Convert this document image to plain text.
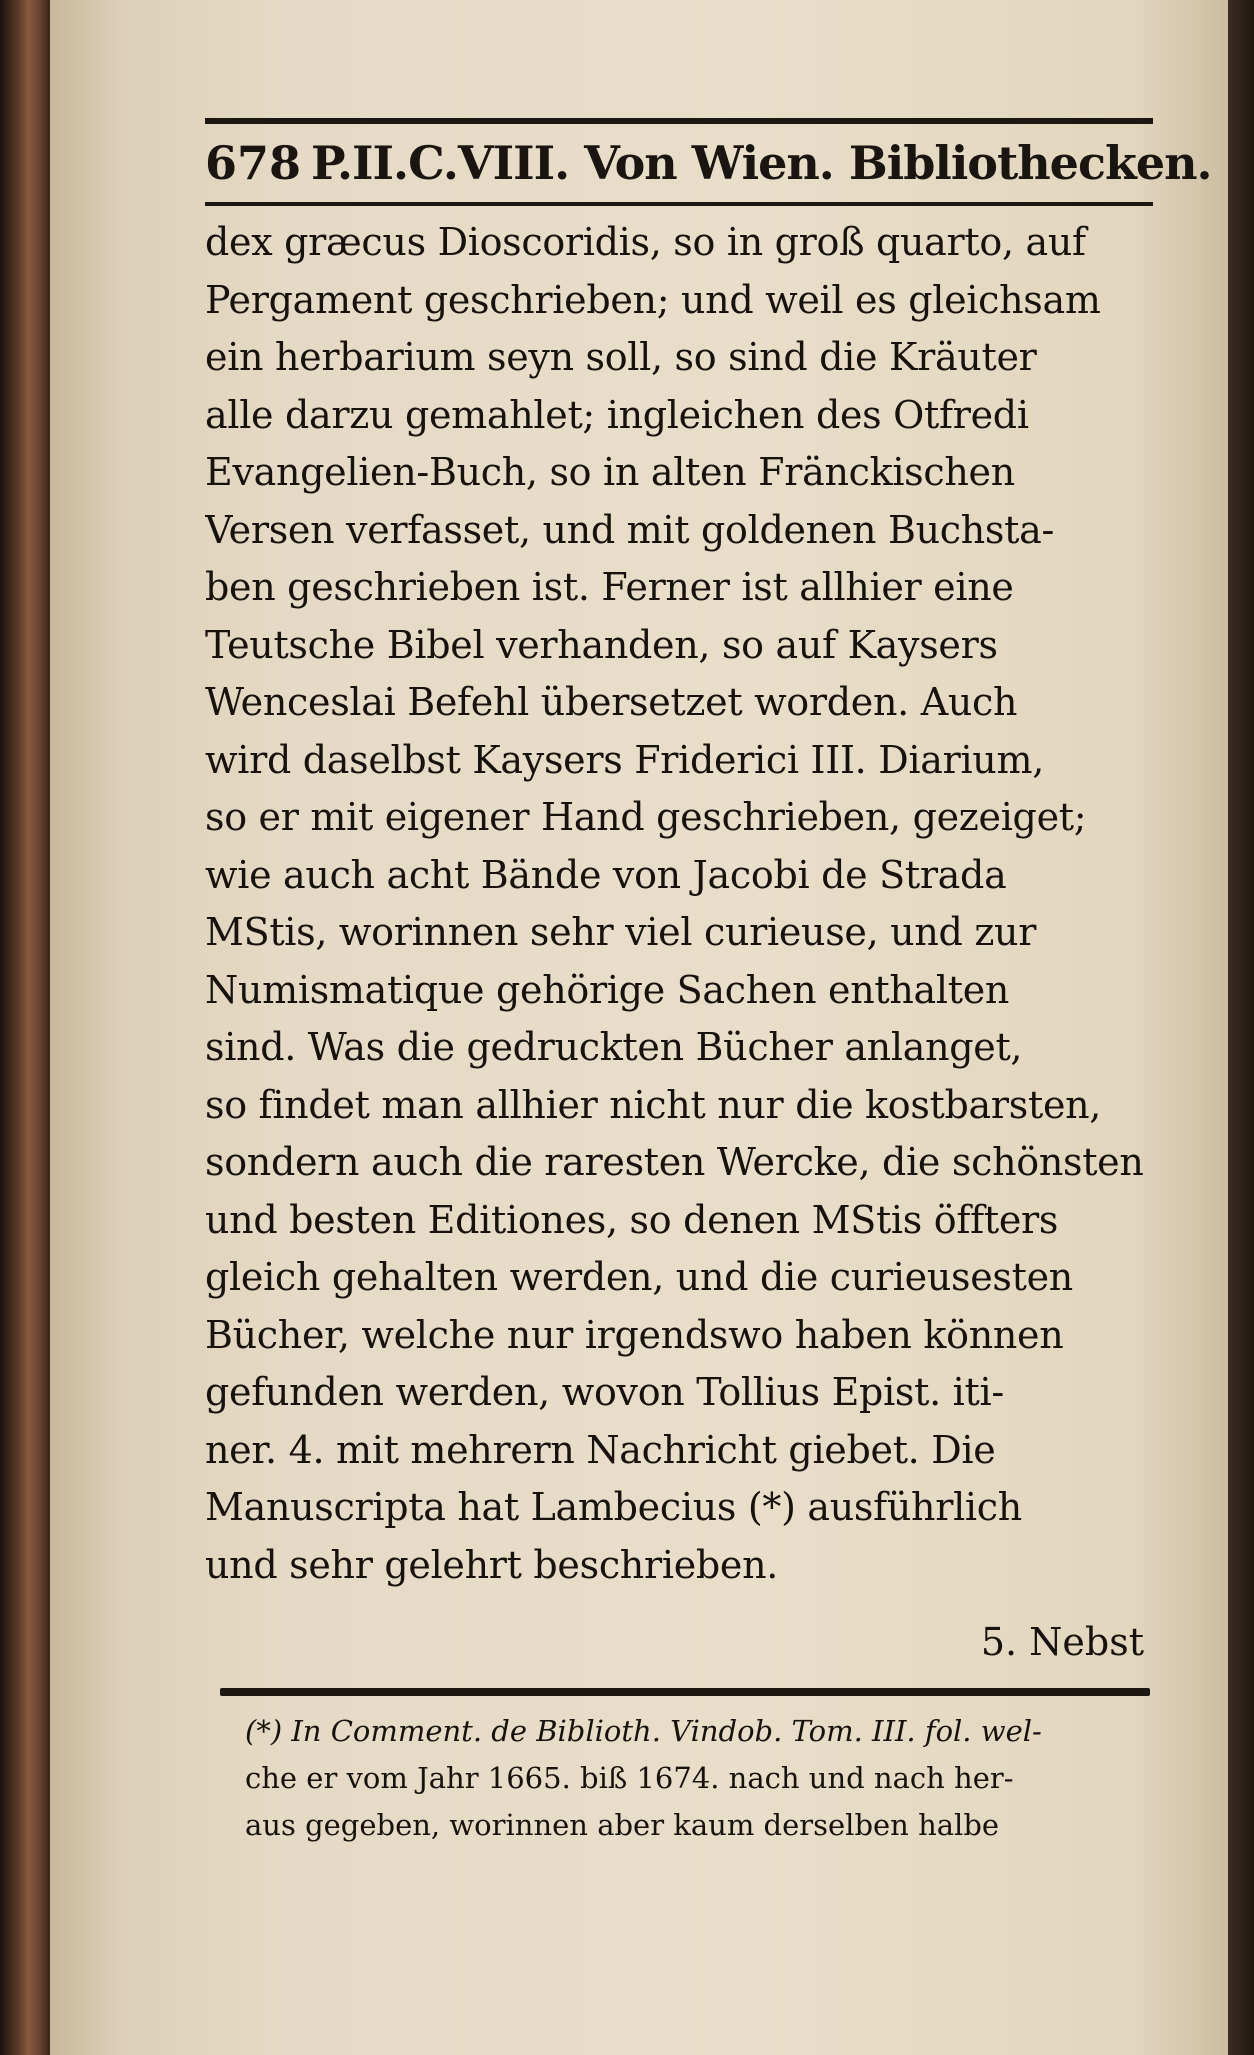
678 P.II.C.VIII. Von Wien. Bibliothecken.
dex græcus Dioscoridis, so in groß quarto, auf
Pergament geschrieben; und weil es gleichsam
ein herbarium seyn soll, so sind die Kräuter
alle darzu gemahlet; ingleichen des Otfredi
Evangelien-Buch, so in alten Fränckischen
Versen verfasset, und mit goldenen Buchsta-
ben geschrieben ist. Ferner ist allhier eine
Teutsche Bibel verhanden, so auf Kaysers
Wenceslai Befehl übersetzet worden. Auch
wird daselbst Kaysers Friderici III. Diarium,
so er mit eigener Hand geschrieben, gezeiget;
wie auch acht Bände von Jacobi de Strada
MStis, worinnen sehr viel curieuse, und zur
Numismatique gehörige Sachen enthalten
sind. Was die gedruckten Bücher anlanget,
so findet man allhier nicht nur die kostbarsten,
sondern auch die raresten Wercke, die schönsten
und besten Editiones, so denen MStis öffters
gleich gehalten werden, und die curieusesten
Bücher, welche nur irgendswo haben können
gefunden werden, wovon Tollius Epist. iti-
ner. 4. mit mehrern Nachricht giebet. Die
Manuscripta hat Lambecius (*) ausführlich
und sehr gelehrt beschrieben.
5. Nebst
(*) In Comment. de Biblioth. Vindob. Tom. III. fol. wel-
che er vom Jahr 1665. biß 1674. nach und nach her-
aus gegeben, worinnen aber kaum derselben halbe
